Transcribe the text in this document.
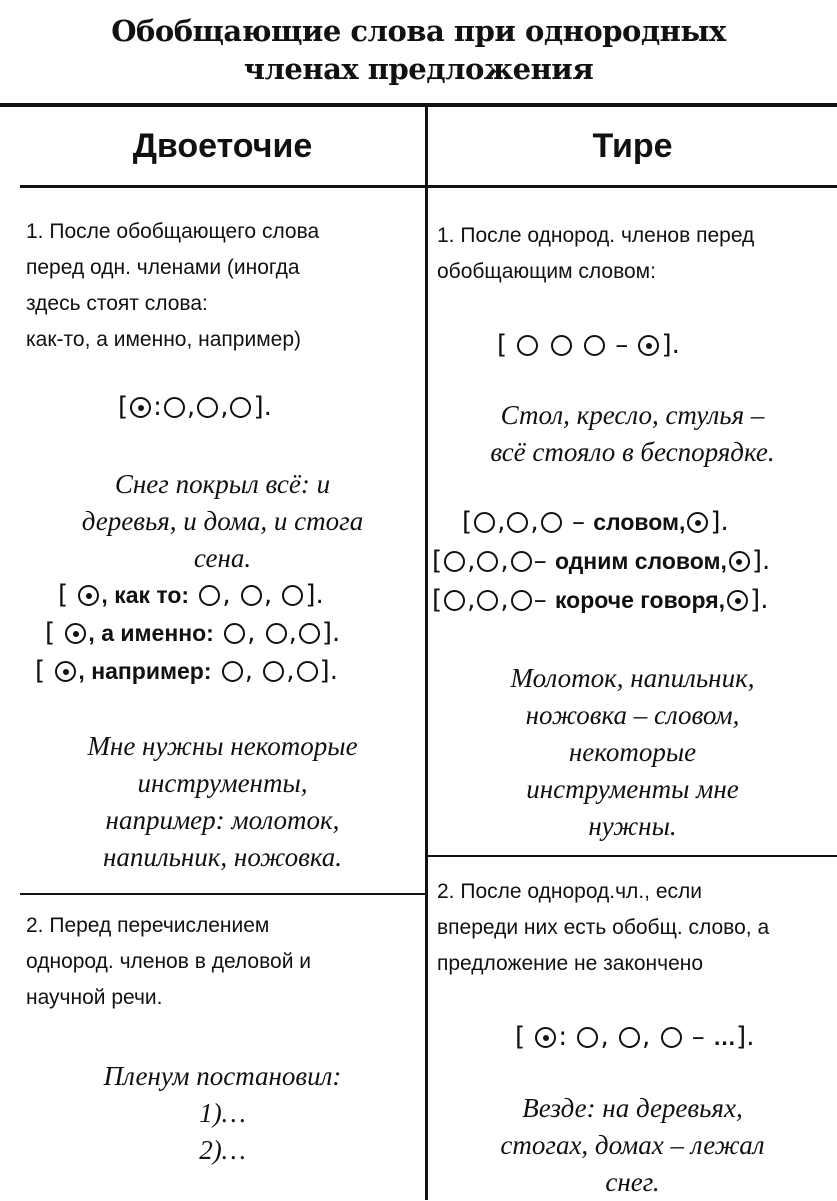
Обобщающие слова при однородных
членах предложения
Двоеточие	Тире
1. После обобщающего слова
перед одн. членами (иногда
здесь стоят слова:
как-то, а именно, например)
[ : , , ].
Снег покрыл всё: и
деревья, и дома, и стога
сена.
[ , как то: , , ].
[ , а именно: , , ].
[ , например: , , ].
Мне нужны некоторые
инструменты,
например: молоток,
напильник, ножовка.
2. Перед перечислением
однород. членов в деловой и
научной речи.
Пленум постановил:
1)…
2)…
1. После однород. членов перед
обобщающим словом:
[	– ].
Стол, кресло, стулья –
всё стояло в беспорядке.
[ , , – словом, ].
[ , , – одним словом, ].
[ , , – короче говоря, ].
Молоток, напильник,
ножовка – словом,
некоторые
инструменты мне
нужны.
2. После однород.чл., если
впереди них есть обобщ. слово, а
предложение не закончено
[ : , ,  – …].
Везде: на деревьях,
стогах, домах – лежал
снег.
